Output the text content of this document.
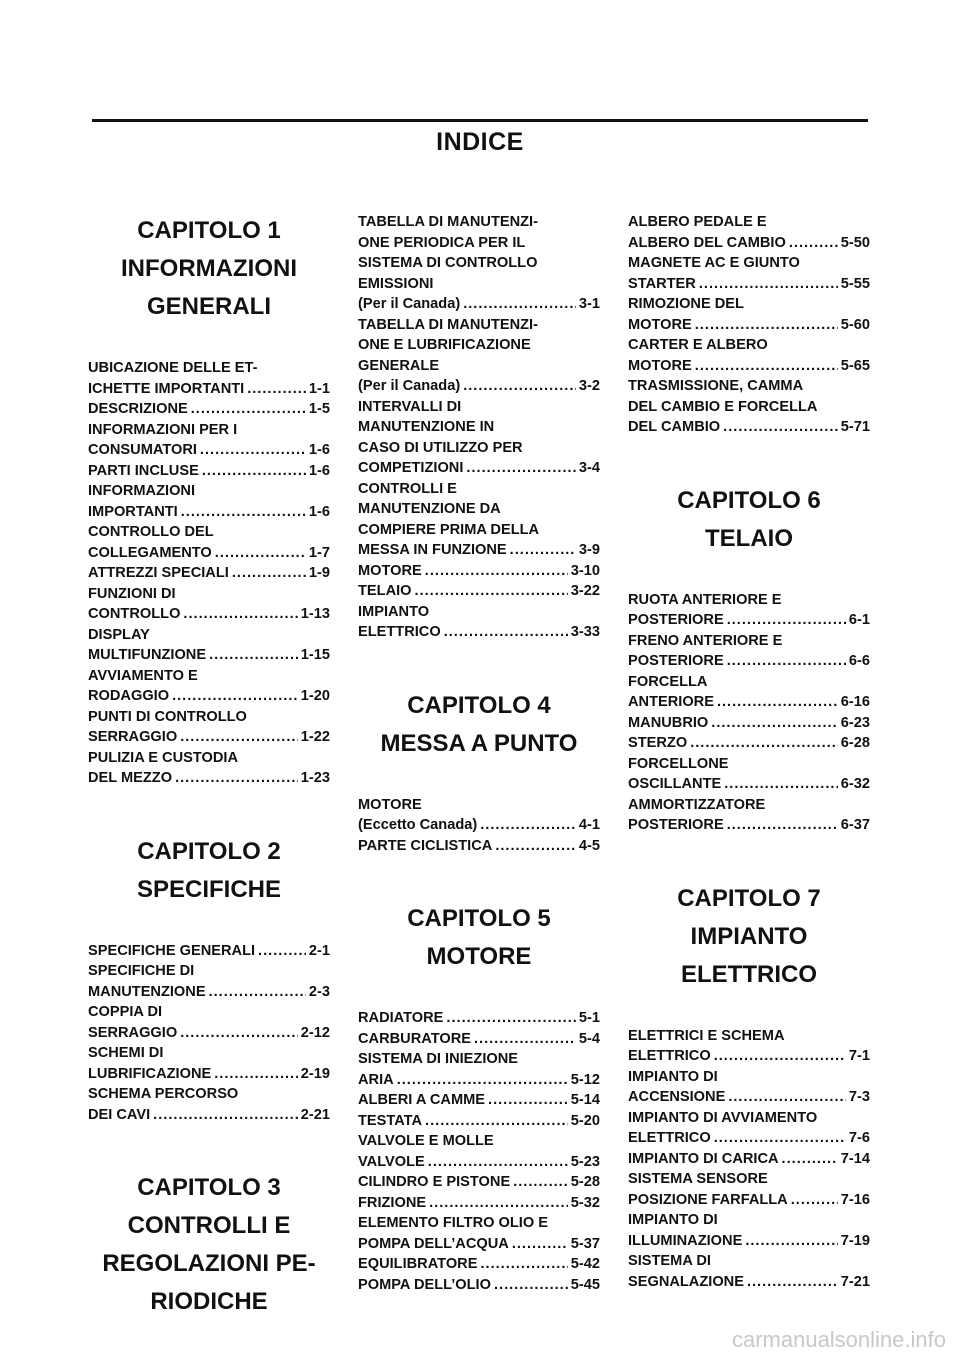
INDICE
CAPITOLO 1
INFORMAZIONI
GENERALI
UBICAZIONE DELLE ET-
ICHETTE IMPORTANTI .....	1-1
DESCRIZIONE .....	1-5
INFORMAZIONI PER I
CONSUMATORI .....	1-6
PARTI INCLUSE .....	1-6
INFORMAZIONI
IMPORTANTI .....	1-6
CONTROLLO DEL
COLLEGAMENTO .....	1-7
ATTREZZI SPECIALI .....	1-9
FUNZIONI DI
CONTROLLO .....	1-13
DISPLAY
MULTIFUNZIONE .....	1-15
AVVIAMENTO E
RODAGGIO .....	1-20
PUNTI DI CONTROLLO
SERRAGGIO .....	1-22
PULIZIA E CUSTODIA
DEL MEZZO .....	1-23
CAPITOLO 2
SPECIFICHE
SPECIFICHE GENERALI .....	2-1
SPECIFICHE DI
MANUTENZIONE .....	2-3
COPPIA DI
SERRAGGIO .....	2-12
SCHEMI DI
LUBRIFICAZIONE .....	2-19
SCHEMA PERCORSO
DEI CAVI .....	2-21
CAPITOLO 3
CONTROLLI E
REGOLAZIONI PE-
RIODICHE
TABELLA DI MANUTENZI-
ONE PERIODICA PER IL
SISTEMA DI CONTROLLO
EMISSIONI
(Per il Canada) .....	3-1
TABELLA DI MANUTENZI-
ONE E LUBRIFICAZIONE
GENERALE
(Per il Canada) .....	3-2
INTERVALLI DI
MANUTENZIONE IN
CASO DI UTILIZZO PER
COMPETIZIONI .....	3-4
CONTROLLI E
MANUTENZIONE DA
COMPIERE PRIMA DELLA
MESSA IN FUNZIONE .....	3-9
MOTORE .....	3-10
TELAIO .....	3-22
IMPIANTO
ELETTRICO .....	3-33
CAPITOLO 4
MESSA A PUNTO
MOTORE
(Eccetto Canada) .....	4-1
PARTE CICLISTICA .....	4-5
CAPITOLO 5
MOTORE
RADIATORE .....	5-1
CARBURATORE .....	5-4
SISTEMA DI INIEZIONE
ARIA .....	5-12
ALBERI A CAMME .....	5-14
TESTATA .....	5-20
VALVOLE E MOLLE
VALVOLE .....	5-23
CILINDRO E PISTONE .....	5-28
FRIZIONE .....	5-32
ELEMENTO FILTRO OLIO E
POMPA DELL’ACQUA .....	5-37
EQUILIBRATORE .....	5-42
POMPA DELL’OLIO .....	5-45
ALBERO PEDALE E
ALBERO DEL CAMBIO .....	5-50
MAGNETE AC E GIUNTO
STARTER .....	5-55
RIMOZIONE DEL
MOTORE .....	5-60
CARTER E ALBERO
MOTORE .....	5-65
TRASMISSIONE, CAMMA
DEL CAMBIO E FORCELLA
DEL CAMBIO .....	5-71
CAPITOLO 6
TELAIO
RUOTA ANTERIORE E
POSTERIORE .....	6-1
FRENO ANTERIORE E
POSTERIORE .....	6-6
FORCELLA
ANTERIORE .....	6-16
MANUBRIO .....	6-23
STERZO .....	6-28
FORCELLONE
OSCILLANTE .....	6-32
AMMORTIZZATORE
POSTERIORE .....	6-37
CAPITOLO 7
IMPIANTO
ELETTRICO
ELETTRICI E SCHEMA
ELETTRICO .....	7-1
IMPIANTO DI
ACCENSIONE .....	7-3
IMPIANTO DI AVVIAMENTO
ELETTRICO .....	7-6
IMPIANTO DI CARICA .....	7-14
SISTEMA SENSORE
POSIZIONE FARFALLA .....	7-16
IMPIANTO DI
ILLUMINAZIONE .....	7-19
SISTEMA DI
SEGNALAZIONE .....	7-21
carmanualsonline.info
